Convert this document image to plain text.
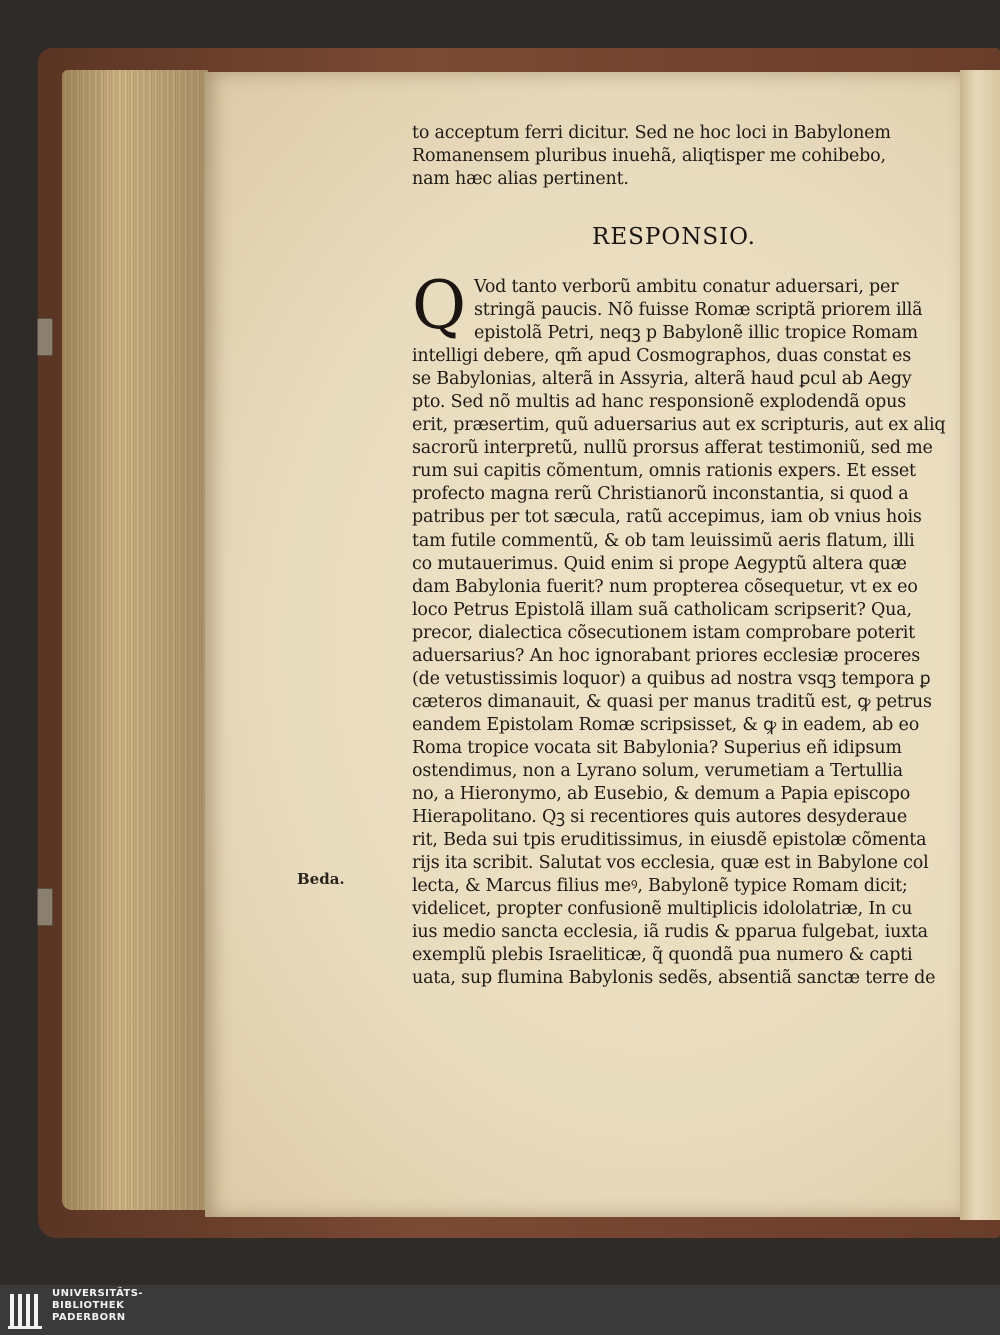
to acceptum ferri dicitur. Sed ne hoc loci in Babylonem
Romanensem pluribus inuehã, aliqtisper me cohibebo,
nam hæc alias pertinent.
RESPONSIO.
Q Vod tanto verborũ ambitu conatur aduersari, per
stringã paucis. Nõ fuisse Romæ scriptã priorem illã
epistolã Petri, neqꝫ p Babylonẽ illic tropice Romam
intelligi debere, qm̃ apud Cosmographos, duas constat es
se Babylonias, alterã in Assyria, alterã haud ꝑcul ab Aegy
pto. Sed nõ multis ad hanc responsionẽ explodendã opus
erit, præsertim, quũ aduersarius aut ex scripturis, aut ex aliq
sacrorũ interpretũ, nullũ prorsus afferat testimoniũ, sed me
rum sui capitis cõmentum, omnis rationis expers. Et esset
profecto magna rerũ Christianorũ inconstantia, si quod a
patribus per tot sæcula, ratũ accepimus, iam ob vnius hois
tam futile commentũ, & ob tam leuissimũ aeris flatum, illi
co mutauerimus. Quid enim si prope Aegyptũ altera quæ
dam Babylonia fuerit? num propterea cõsequetur, vt ex eo
loco Petrus Epistolã illam suã catholicam scripserit? Qua,
precor, dialectica cõsecutionem istam comprobare poterit
aduersarius? An hoc ignorabant priores ecclesiæ proceres
(de vetustissimis loquor) a quibus ad nostra vsqꝫ tempora ꝑ
cæteros dimanauit, & quasi per manus traditũ est, ꝙ petrus
eandem Epistolam Romæ scripsisset, & ꝙ in eadem, ab eo
Roma tropice vocata sit Babylonia? Superius eñ idipsum
ostendimus, non a Lyrano solum, verumetiam a Tertullia
no, a Hieronymo, ab Eusebio, & demum a Papia episcopo
Hierapolitano. Qꝫ si recentiores quis autores desyderaue
rit, Beda sui tpis eruditissimus, in eiusdẽ epistolæ cõmenta
rijs ita scribit. Salutat vos ecclesia, quæ est in Babylone col
lecta, & Marcus filius meꝰ, Babylonẽ typice Romam dicit;
videlicet, propter confusionẽ multiplicis idololatriæ, In cu
ius medio sancta ecclesia, iã rudis & pparua fulgebat, iuxta
exemplũ plebis Israeliticæ, q̃ quondã pua numero & capti
uata, sup flumina Babylonis sedẽs, absentiã sanctæ terre de
Beda.
UNIVERSITÄTS-
BIBLIOTHEK
PADERBORN
